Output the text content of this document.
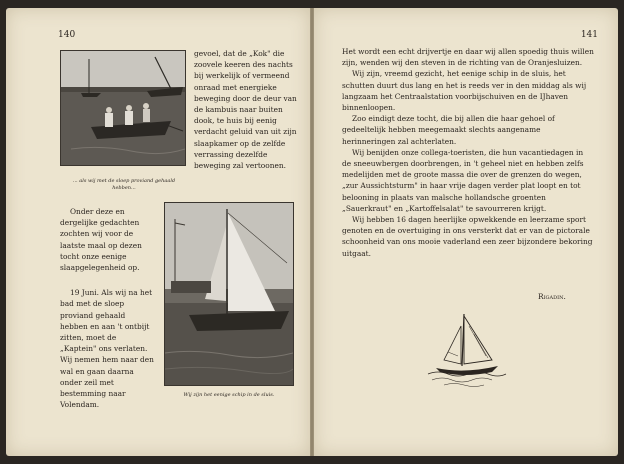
140
... als wij met de sloep proviand gehaald hebben...

gevoel, dat de „Kok" die zoovele keeren des nachts bij werkelijk of vermeend onraad met energieke beweging door de deur van de kambuis naar buiten dook, te huis bij eenig verdacht geluid van uit zijn slaapkamer op de zelfde verrassing dezelfde beweging zal vertoonen.

Onder deze en dergelijke gedachten zochten wij voor de laatste maal op dezen tocht onze eenige slaapgelegenheid op.

19 Juni. Als wij na het bad met de sloep proviand gehaald hebben en aan 't ontbijt zitten, moet de „Kaptein" ons verlaten. Wij nemen hem naar den wal en gaan daarna onder zeil met bestemming naar Volendam.

Wij zijn het eenige schip in de sluis.
141

Het wordt een echt drijvertje en daar wij allen spoedig thuis willen zijn, wenden wij den steven in de richting van de Oranjesluizen.

Wij zijn, vreemd gezicht, het eenige schip in de sluis, het schutten duurt dus lang en het is reeds ver in den middag als wij langzaam het Centraalstation voorbijschuiven en de IJhaven binnenloopen.

Zoo eindigt deze tocht, die bij allen die haar gehoel of gedeeltelijk hebben meegemaakt slechts aangename herinneringen zal achterlaten.

Wij benijden onze collega-toeristen, die hun vacantiedagen in de sneeuwbergen doorbrengen, in 't geheel niet en hebben zelfs medelijden met de groote massa die over de grenzen do wegen, „zur Aussichtsturm" in haar vrije dagen verder plat loopt en tot belooning in plaats van malsche hollandsche groenten „Sauerkraut" en „Kartoffelsalat" te savourreren krijgt.

Wij hebben 16 dagen heerlijke opwekkende en leerzame sport genoten en de overtuiging in ons versterkt dat er van de pictorale schoonheid van ons mooie vaderland een zeer bijzondere bekoring uitgaat.

Rigadin.
